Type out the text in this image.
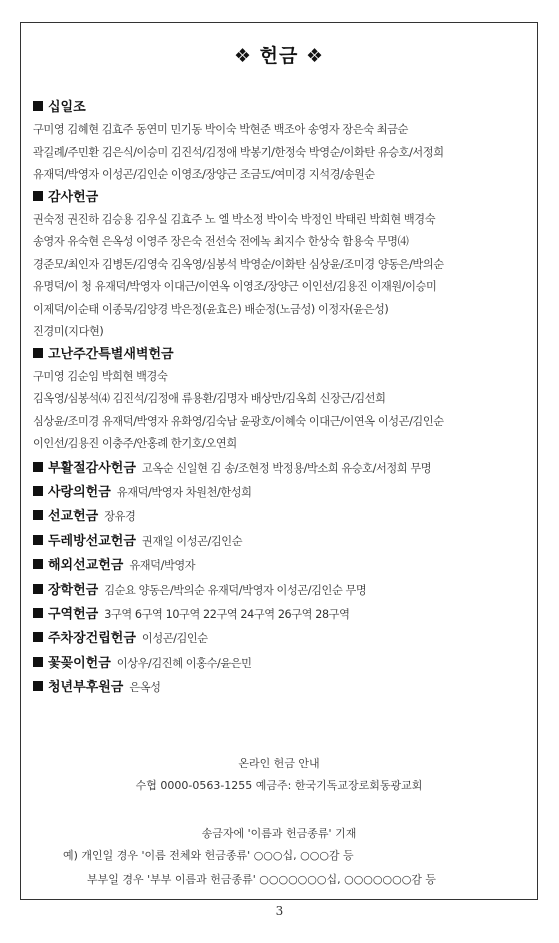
❖ 헌금 ❖
십일조
구미영 김혜현 김효주 동연미 민기동 박이숙 박현준 백조아 송영자 장은숙 최금순
곽길례/주민환 김은식/이승미 김진석/김정애 박봉기/한정숙 박영순/이화탄 유승호/서정희
유재덕/박영자 이성곤/김인순 이영조/장양근 조금도/여미경 지석경/송원순
감사헌금
권숙정 권진하 김승용 김우실 김효주 노 엘 박소정 박이숙 박정인 박태린 박희현 백경숙
송영자 유숙현 은옥성 이영주 장은숙 전선숙 전에녹 최지수 한상숙 함용숙 무명⑷
경준모/최인자 김병돈/김영숙 김옥영/심봉석 박영순/이화탄 심상윤/조미경 양동은/박의순
유명덕/이 청 유재덕/박영자 이대근/이연옥 이영조/장양근 이인선/김용진 이재원/이승미
이제덕/이순태 이종묵/김양경 박은정(윤효은) 배순정(노금성) 이정자(윤은성)
진경미(지다현)
고난주간특별새벽헌금
구미영 김순임 박희현 백경숙
김옥영/심봉석⑷ 김진석/김정애 류용환/김명자 배상만/김옥희 신장근/김선희
심상윤/조미경 유재덕/박영자 유화영/김숙남 윤광호/이혜숙 이대근/이연옥 이성곤/김인순
이인선/김용진 이충주/안홍례 한기호/오연희
부활절감사헌금 고옥순 신일현 김 송/조현정 박정용/박소희 유승호/서정희 무명
사랑의헌금 유재덕/박영자 차원천/한성희
선교헌금 장유경
두레방선교헌금 권재일 이성곤/김인순
해외선교헌금 유재덕/박영자
장학헌금 김순요 양동은/박의순 유재덕/박영자 이성곤/김인순 무명
구역헌금 3구역 6구역 10구역 22구역 24구역 26구역 28구역
주차장건립헌금 이성곤/김인순
꽃꽂이헌금 이상우/김진혜 이홍수/윤은민
청년부후원금 은옥성
온라인 헌금 안내
수협 0000-0563-1255 예금주: 한국기독교장로회동광교회
송금자에 '이름과 헌금종류' 기재
예) 개인일 경우 '이름 전체와 헌금종류' ○○○십, ○○○감 등
부부일 경우 '부부 이름과 헌금종류' ○○○○○○○십, ○○○○○○○감 등
3
